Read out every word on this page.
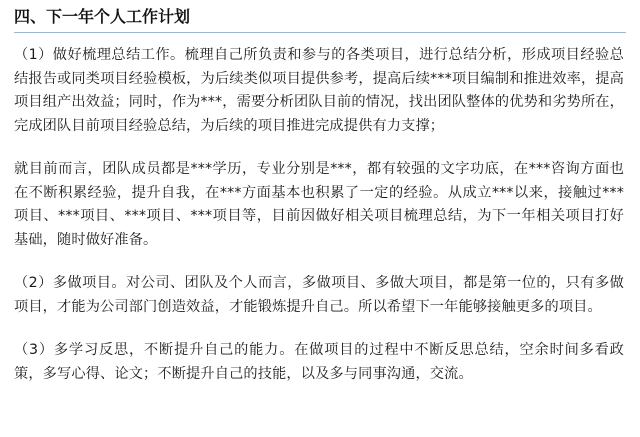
四、下一年个人工作计划

（1）做好梳理总结工作。梳理自己所负责和参与的各类项目，进行总结分析，形成项目经验总结报告或同类项目经验模板，为后续类似项目提供参考，提高后续***项目编制和推进效率，提高项目组产出效益；同时，作为***，需要分析团队目前的情况，找出团队整体的优势和劣势所在，完成团队目前项目经验总结，为后续的项目推进完成提供有力支撑；

就目前而言，团队成员都是***学历，专业分别是***，都有较强的文字功底，在***咨询方面也在不断积累经验，提升自我，在***方面基本也积累了一定的经验。从成立***以来，接触过***项目、***项目、***项目、***项目等，目前因做好相关项目梳理总结，为下一年相关项目打好基础，随时做好准备。

（2）多做项目。对公司、团队及个人而言，多做项目、多做大项目，都是第一位的，只有多做项目，才能为公司部门创造效益，才能锻炼提升自己。所以希望下一年能够接触更多的项目。

（3）多学习反思，不断提升自己的能力。在做项目的过程中不断反思总结，空余时间多看政策，多写心得、论文；不断提升自己的技能，以及多与同事沟通，交流。
